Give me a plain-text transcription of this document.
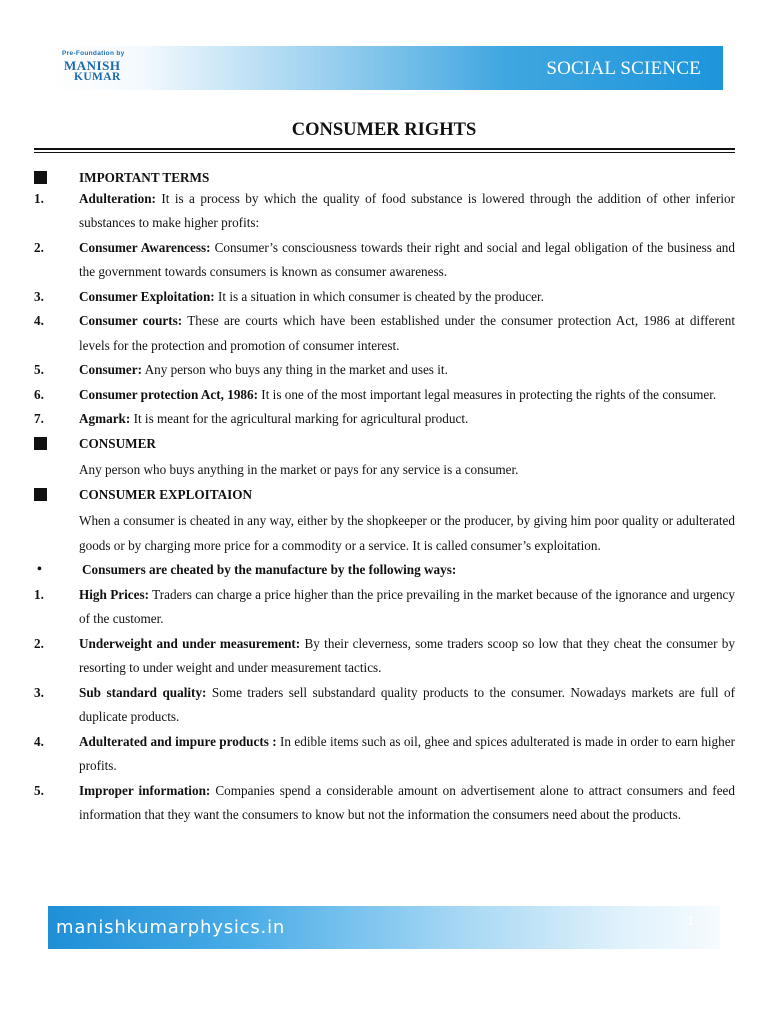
Pre-Foundation by
MANISH
KUMAR	SOCIAL SCIENCE
CONSUMER RIGHTS
IMPORTANT TERMS
1.	Adulteration: It is a process by which the quality of food substance is lowered through the addition of other inferior substances to make higher profits:
2.	Consumer Awarencess: Consumer’s consciousness towards their right and social and legal obligation of the business and the government towards consumers is known as consumer awareness.
3.	Consumer Exploitation: It is a situation in which consumer is cheated by the producer.
4.	Consumer courts: These are courts which have been established under the consumer protection Act, 1986 at different levels for the protection and promotion of consumer interest.
5.	Consumer: Any person who buys any thing in the market and uses it.
6.	Consumer protection Act, 1986: It is one of the most important legal measures in protecting the rights of the consumer.
7.	Agmark: It is meant for the agricultural marking for agricultural product.
CONSUMER
Any person who buys anything in the market or pays for any service is a consumer.
CONSUMER EXPLOITAION
When a consumer is cheated in any way, either by the shopkeeper or the producer, by giving him poor quality or adulterated goods or by charging more price for a commodity or a service. It is called consumer’s exploitation.
•	Consumers are cheated by the manufacture by the following ways:
1.	High Prices: Traders can charge a price higher than the price prevailing in the market because of the ignorance and urgency of the customer.
2.	Underweight and under measurement: By their cleverness, some traders scoop so low that they cheat the consumer by resorting to under weight and under measurement tactics.
3.	Sub standard quality: Some traders sell substandard quality products to the consumer. Nowadays markets are full of duplicate products.
4.	Adulterated and impure products : In edible items such as oil, ghee and spices adulterated is made in order to earn higher profits.
5.	Improper information: Companies spend a considerable amount on advertisement alone to attract consumers and feed information that they want the consumers to know but not the information the consumers need about the products.
manishkumarphysics.in	1
